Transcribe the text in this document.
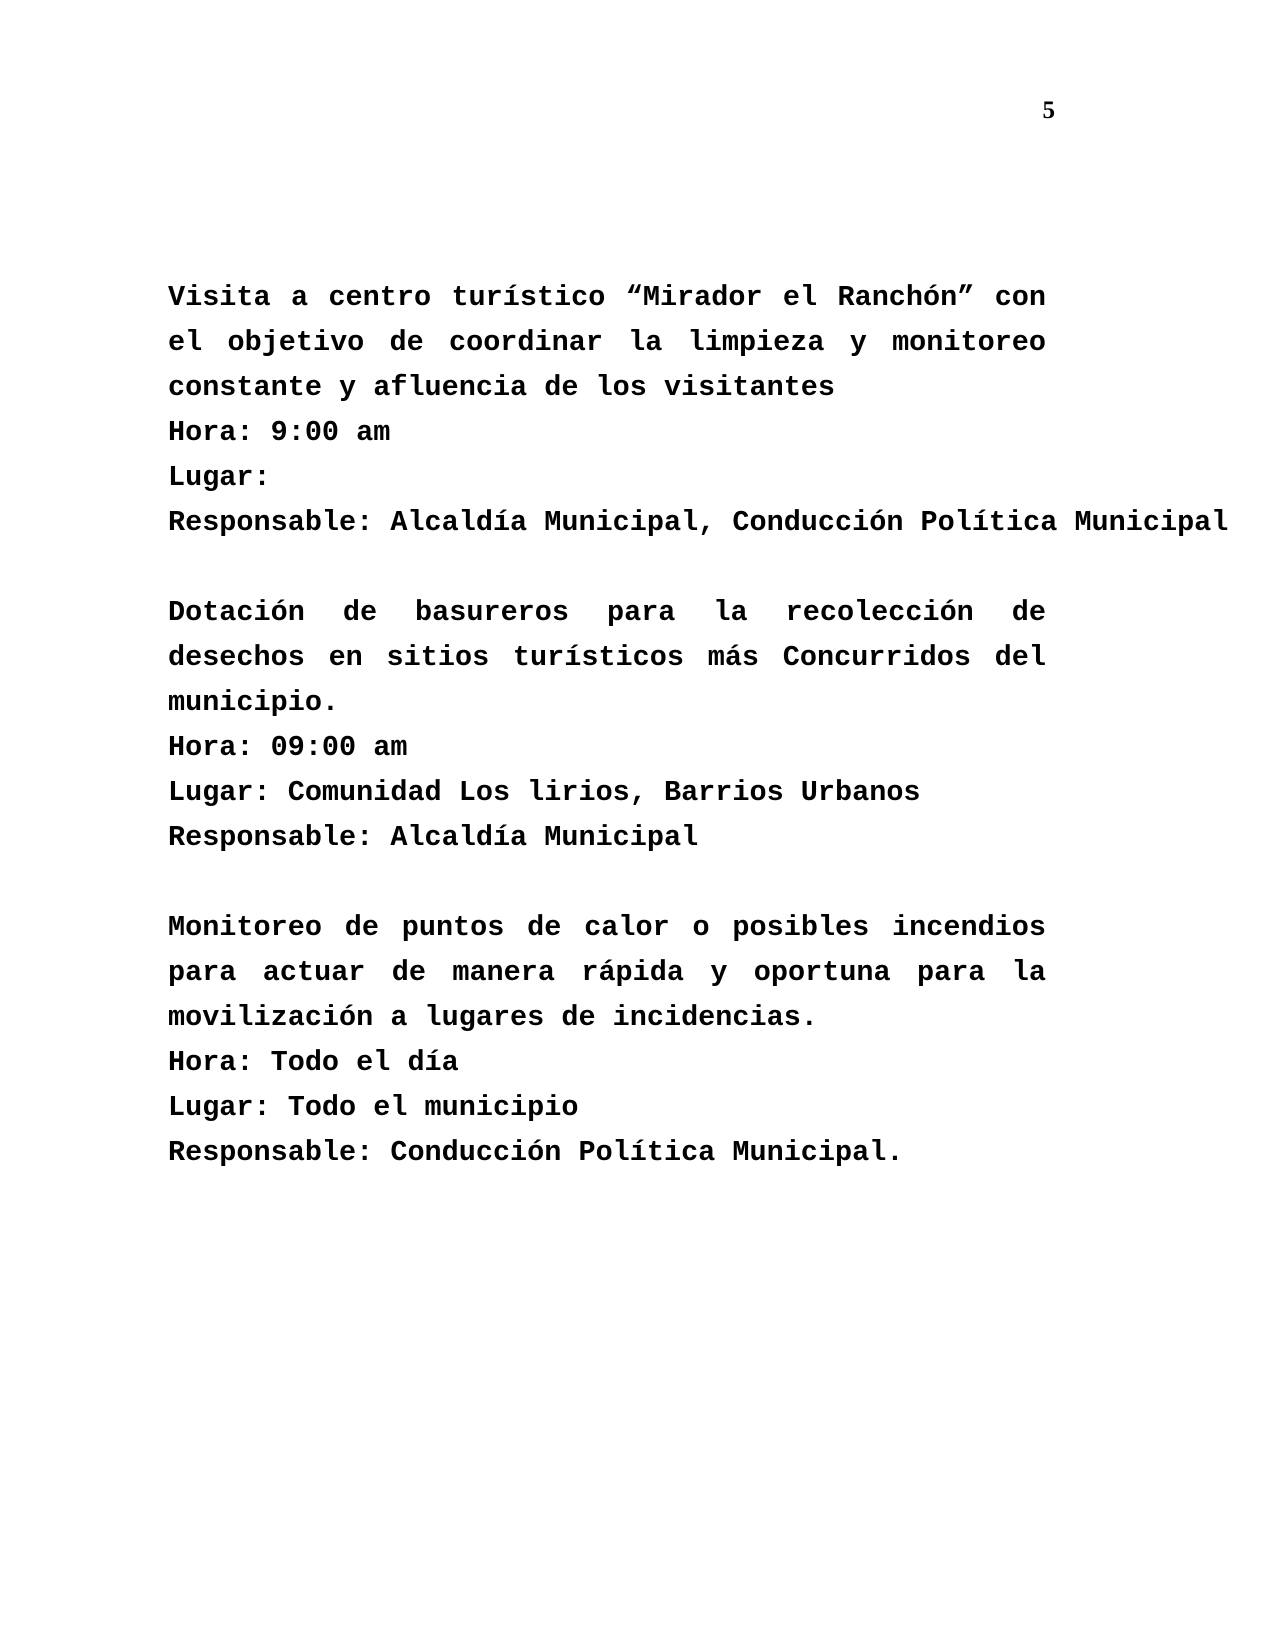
5

Visita a centro turístico “Mirador el Ranchón” con el objetivo de coordinar la limpieza y monitoreo constante y afluencia de los visitantes

Hora: 9:00 am

Lugar:

Responsable: Alcaldía Municipal, Conducción Política Municipal

Dotación de basureros para la recolección de desechos en sitios turísticos más Concurridos del municipio.

Hora: 09:00 am

Lugar: Comunidad Los lirios, Barrios Urbanos

Responsable: Alcaldía Municipal

Monitoreo de puntos de calor o posibles incendios para actuar de manera rápida y oportuna para la movilización a lugares de incidencias.

Hora: Todo el día

Lugar: Todo el municipio

Responsable: Conducción Política Municipal.
